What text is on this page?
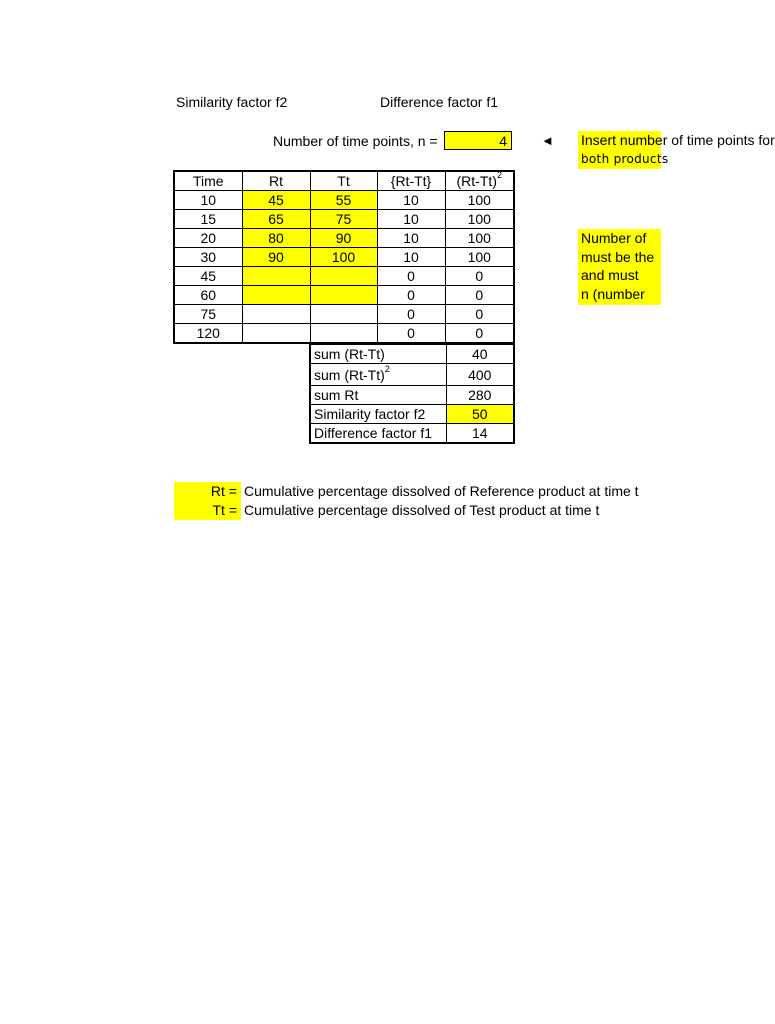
Similarity factor f2	Difference factor f1
Number of time points, n =	4	◄ Insert number of time points for
both products
Number of
must be the
and must
n (number
Time	Rt	Tt	{Rt-Tt}	$(Rt-Tt)^2$
10	45	55	10	100
15	65	75	10	100
20	80	90	10	100
30	90	100	10	100
45			0	0
60			0	0
75			0	0
120			0	0
sum (Rt-Tt)	40
sum $(Rt-Tt)^2$	400
sum Rt	280
Similarity factor f2	50
Difference factor f1	14
Rt = Cumulative percentage dissolved of Reference product at time t
Tt = Cumulative percentage dissolved of Test product at time t
